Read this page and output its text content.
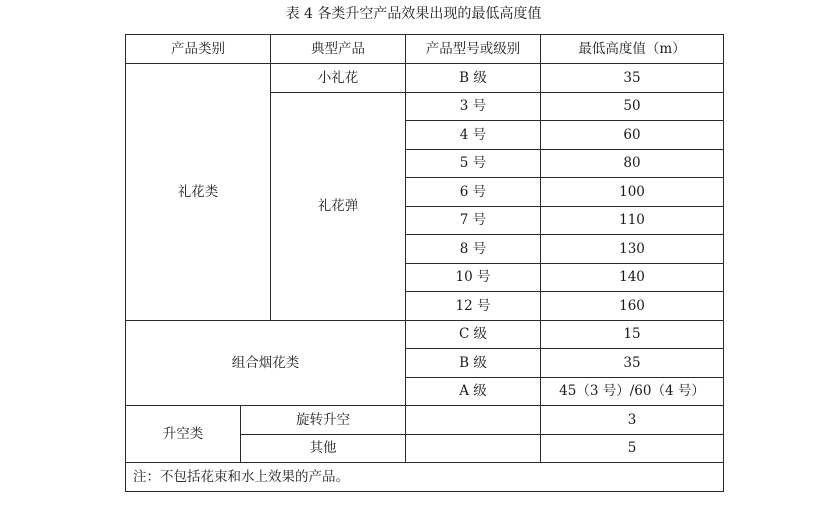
表 4 各类升空产品效果出现的最低高度值
产品类别		典型产品	产品型号或级别	最低高度值（m）
礼花类		小礼花	B 级	35
		礼花弹	3 号	50
			4 号	60
			5 号	80
			6 号	100
			7 号	110
			8 号	130
			10 号	140
			12 号	160
组合烟花类			C 级	15
			B 级	35
			A 级	45（3 号）/60（4 号）
升空类	旋转升空			3
	其他			5
注：不包括花束和水上效果的产品。				
